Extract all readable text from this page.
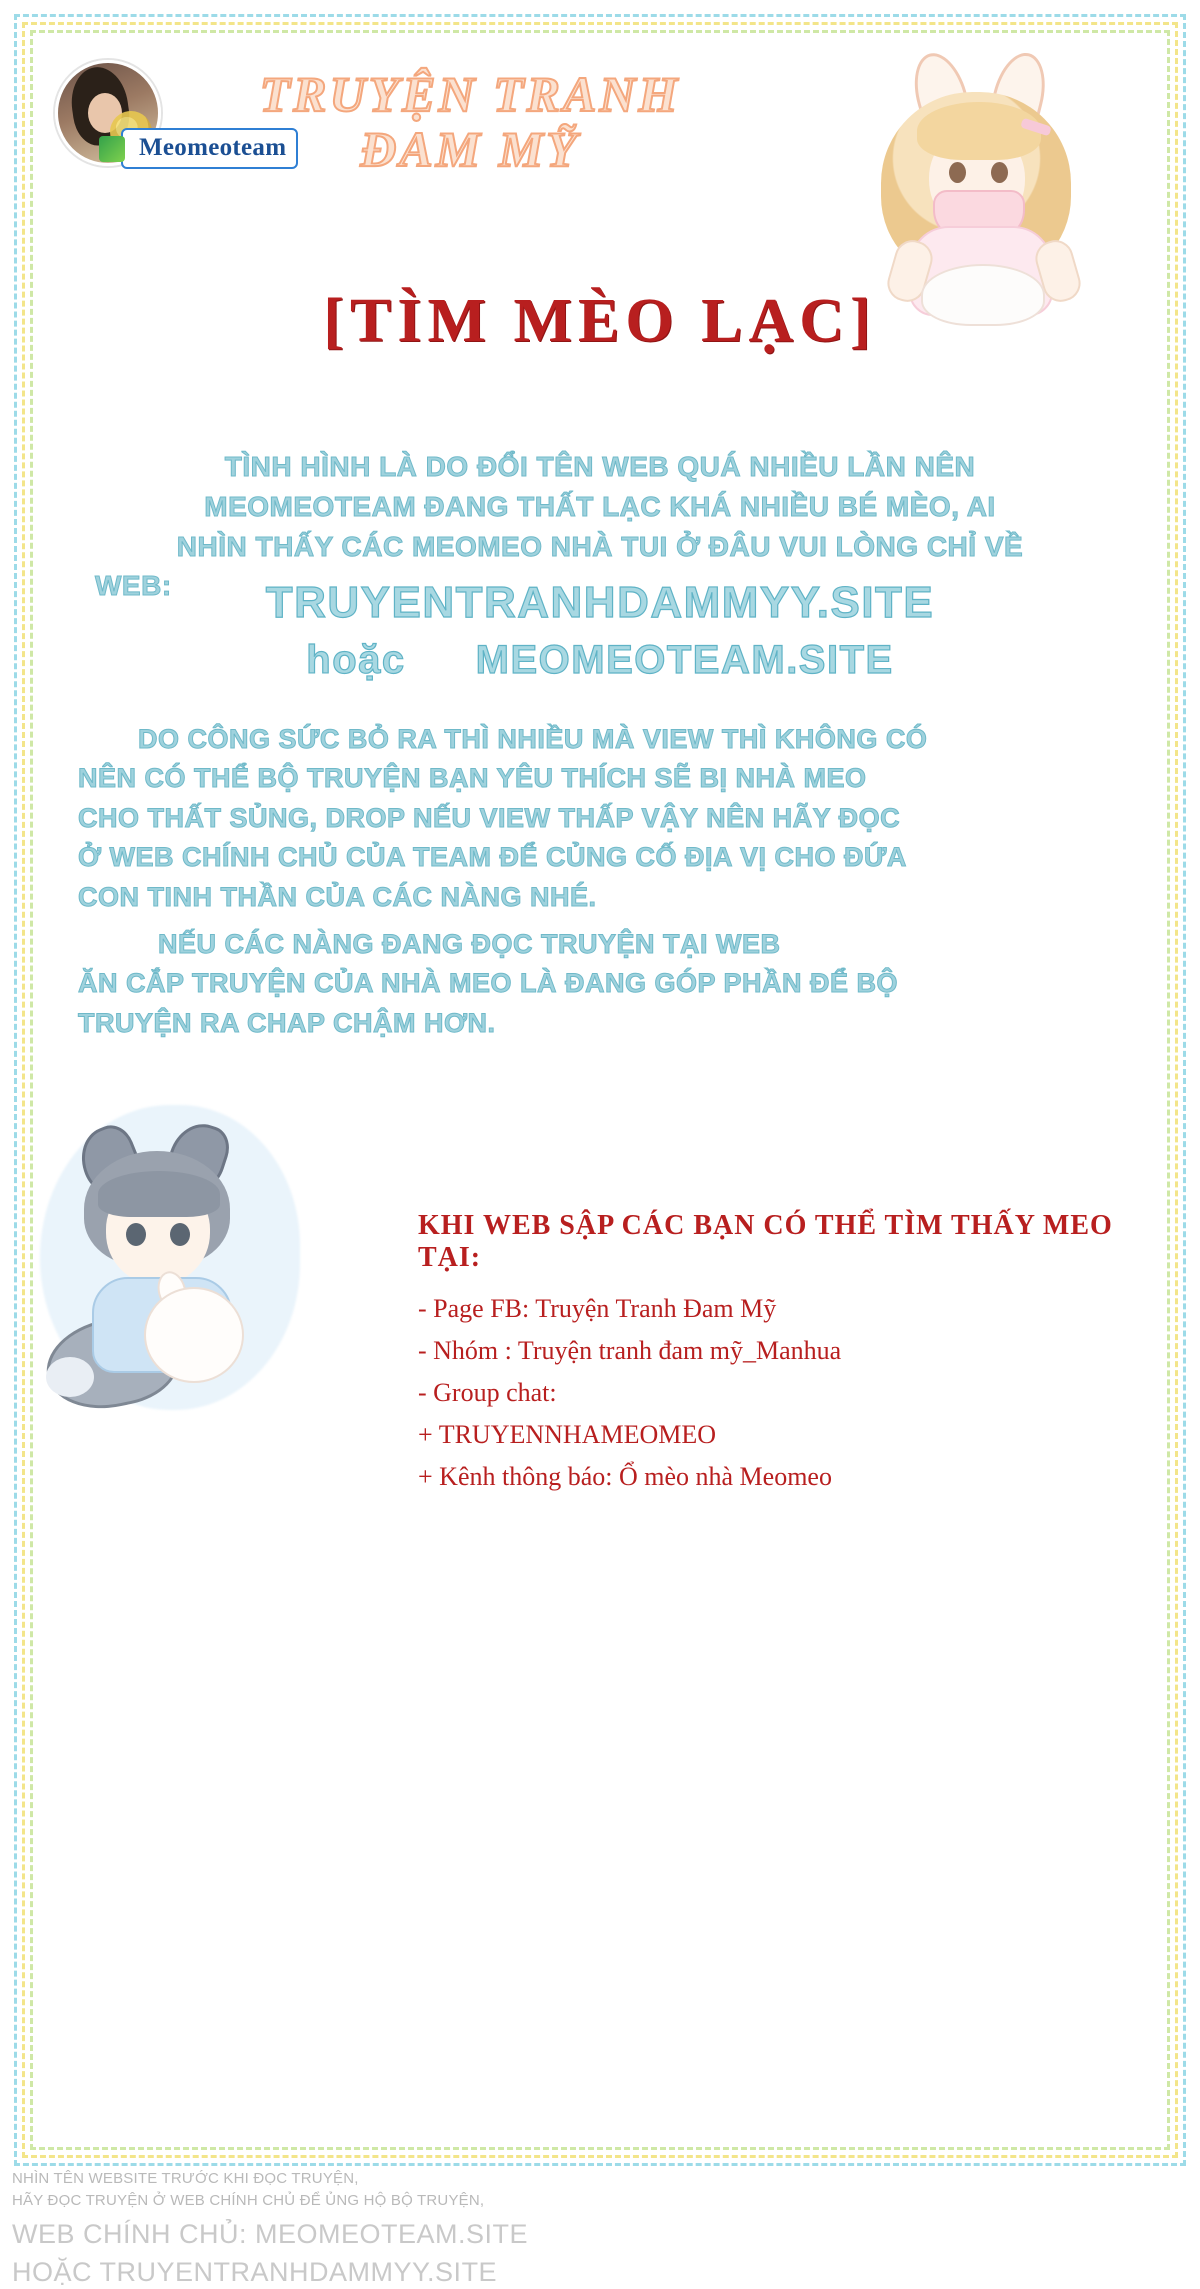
Meomeoteam
TRUYỆN TRANH
ĐAM MỸ
[TÌM MÈO LẠC]
TÌNH HÌNH LÀ DO ĐỔI TÊN WEB QUÁ NHIỀU LẦN NÊN
MEOMEOTEAM ĐANG THẤT LẠC KHÁ NHIỀU BÉ MÈO, AI
NHÌN THẤY CÁC MEOMEO NHÀ TUI Ở ĐÂU VUI LÒNG CHỈ VỀ
WEB:	TRUYENTRANHDAMMYY.SITE
hoặc MEOMEOTEAM.SITE
DO CÔNG SỨC BỎ RA THÌ NHIỀU MÀ VIEW THÌ KHÔNG CÓ
NÊN CÓ THỂ BỘ TRUYỆN BẠN YÊU THÍCH SẼ BỊ NHÀ MEO
CHO THẤT SỦNG, DROP NẾU VIEW THẤP VẬY NÊN HÃY ĐỌC
Ở WEB CHÍNH CHỦ CỦA TEAM ĐỂ CỦNG CỐ ĐỊA VỊ CHO ĐỨA
CON TINH THẦN CỦA CÁC NÀNG NHÉ.
NẾU CÁC NÀNG ĐANG ĐỌC TRUYỆN TẠI WEB
ĂN CẮP TRUYỆN CỦA NHÀ MEO LÀ ĐANG GÓP PHẦN ĐỂ BỘ
TRUYỆN RA CHAP CHẬM HƠN.
KHI WEB SẬP CÁC BẠN CÓ THỂ TÌM THẤY MEO TẠI:
- Page FB: Truyện Tranh Đam Mỹ
- Nhóm : Truyện tranh đam mỹ_Manhua
- Group chat:
+ TRUYENNHAMEOMEO
+ Kênh thông báo: Ổ mèo nhà Meomeo
NHÌN TÊN WEBSITE TRƯỚC KHI ĐỌC TRUYỆN,
HÃY ĐỌC TRUYỆN Ở WEB CHÍNH CHỦ ĐỂ ỦNG HỘ BỘ TRUYỆN,
WEB CHÍNH CHỦ: MEOMEOTEAM.SITE
HOẶC TRUYENTRANHDAMMYY.SITE
